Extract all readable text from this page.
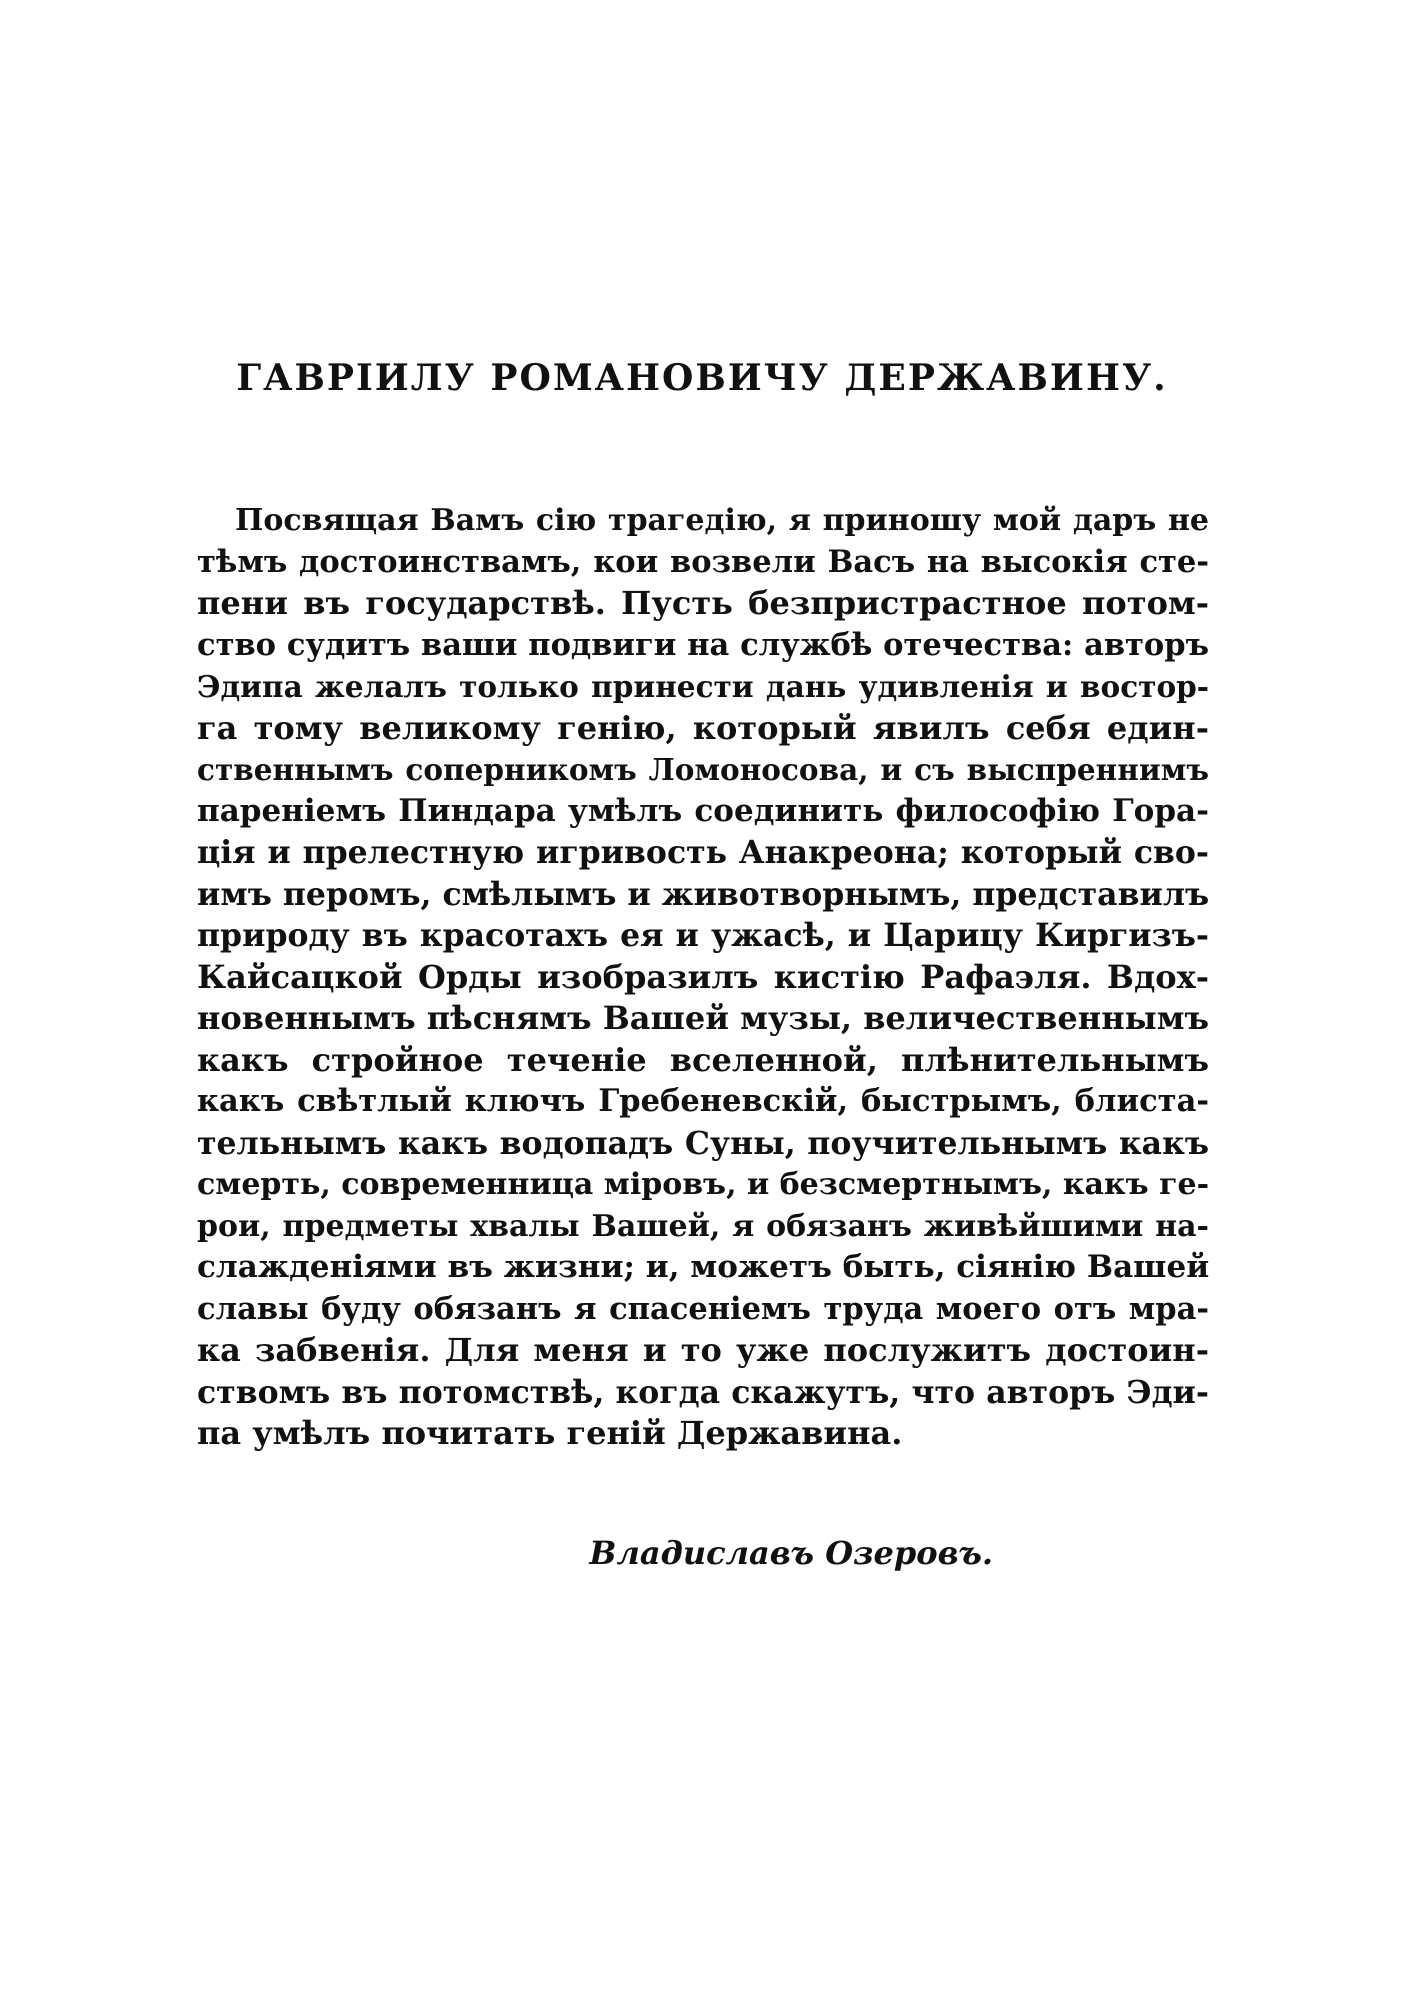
ГАВРІИЛУ РОМАНОВИЧУ ДЕРЖАВИНУ.
Посвящая Вамъ сію трагедію, я приношу мой даръ не
тѣмъ достоинствамъ, кои возвели Васъ на высокія сте-
пени въ государствѣ. Пусть безпристрастное потом-
ство судитъ ваши подвиги на службѣ отечества: авторъ
Эдипа желалъ только принести дань удивленія и востор-
га тому великому генію, который явилъ себя един-
ственнымъ соперникомъ Ломоносова, и съ выспреннимъ
пареніемъ Пиндара умѣлъ соединить философію Гора-
ція и прелестную игривость Анакреона; который сво-
имъ перомъ, смѣлымъ и животворнымъ, представилъ
природу въ красотахъ ея и ужасѣ, и Царицу Киргизъ-
Кайсацкой Орды изобразилъ кистію Рафаэля. Вдох-
новеннымъ пѣснямъ Вашей музы, величественнымъ
какъ стройное теченіе вселенной, плѣнительнымъ
какъ свѣтлый ключъ Гребеневскій, быстрымъ, блиста-
тельнымъ какъ водопадъ Суны, поучительнымъ какъ
смерть, современница міровъ, и безсмертнымъ, какъ ге-
рои, предметы хвалы Вашей, я обязанъ живѣйшими на-
слажденіями въ жизни; и, можетъ быть, сіянію Вашей
славы буду обязанъ я спасеніемъ труда моего отъ мра-
ка забвенія. Для меня и то уже послужитъ достоин-
ствомъ въ потомствѣ, когда скажутъ, что авторъ Эди-
па умѣлъ почитать геній Державина.
Владиславъ Озеровъ.
